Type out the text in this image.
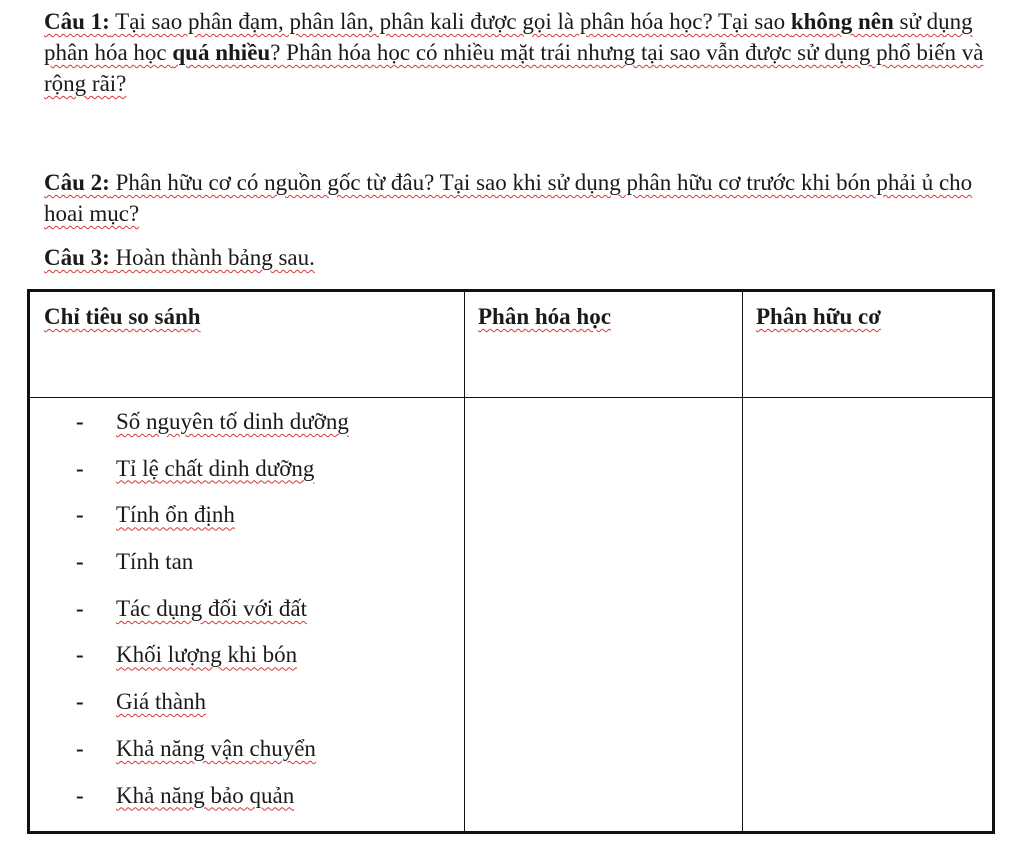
Câu 1: Tại sao phân đạm, phân lân, phân kali được gọi là phân hóa học? Tại sao không nên sử dụng phân hóa học quá nhiều? Phân hóa học có nhiều mặt trái nhưng tại sao vẫn được sử dụng phổ biến và rộng rãi?

Câu 2: Phân hữu cơ có nguồn gốc từ đâu? Tại sao khi sử dụng phân hữu cơ trước khi bón phải ủ cho hoai mục?

Câu 3: Hoàn thành bảng sau.

Chỉ tiêu so sánh	Phân hóa học	Phân hữu cơ
- Số nguyên tố dinh dưỡng
- Tỉ lệ chất dinh dưỡng
- Tính ổn định
- Tính tan
- Tác dụng đối với đất
- Khối lượng khi bón
- Giá thành
- Khả năng vận chuyển
- Khả năng bảo quản
